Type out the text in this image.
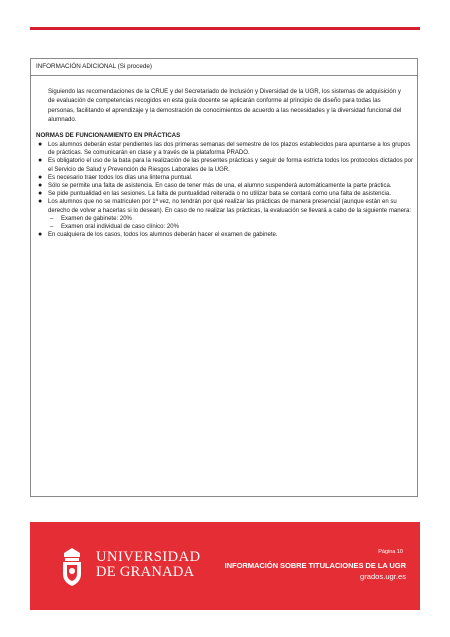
INFORMACIÓN ADICIONAL (Si procede)
Siguiendo las recomendaciones de la CRUE y del Secretariado de Inclusión y Diversidad de la UGR, los sistemas de adquisición y de evaluación de competencias recogidos en esta guía docente se aplicarán conforme al principio de diseño para todas las personas, facilitando el aprendizaje y la demostración de conocimientos de acuerdo a las necesidades y la diversidad funcional del alumnado.
NORMAS DE FUNCIONAMIENTO EN PRÁCTICAS
● Los alumnos deberán estar pendientes las dos primeras semanas del semestre de los plazos establecidos para apuntarse a los grupos de prácticas. Se comunicarán en clase y a través de la plataforma PRADO.
● Es obligatorio el uso de la bata para la realización de las presentes prácticas y seguir de forma estricta todos los protocolos dictados por el Servicio de Salud y Prevención de Riesgos Laborales de la UGR.
● Es necesario traer todos los días una linterna puntual.
● Sólo se permite una falta de asistencia. En caso de tener más de una, el alumno suspenderá automáticamente la parte práctica.
● Se pide puntualidad en las sesiones. La falta de puntualidad reiterada o no utilizar bata se contará como una falta de asistencia.
● Los alumnos que no se matriculen por 1ª vez, no tendrán por qué realizar las prácticas de manera presencial (aunque están en su derecho de volver a hacerlas si lo desean). En caso de no realizar las prácticas, la evaluación se llevará a cabo de la siguiente manera:
– Examen de gabinete: 20%
– Examen oral individual de caso clínico: 20%
● En cualquiera de los casos, todos los alumnos deberán hacer el examen de gabinete.
Página 10
UNIVERSIDAD
DE GRANADA	INFORMACIÓN SOBRE TITULACIONES DE LA UGR
grados.ugr.es
